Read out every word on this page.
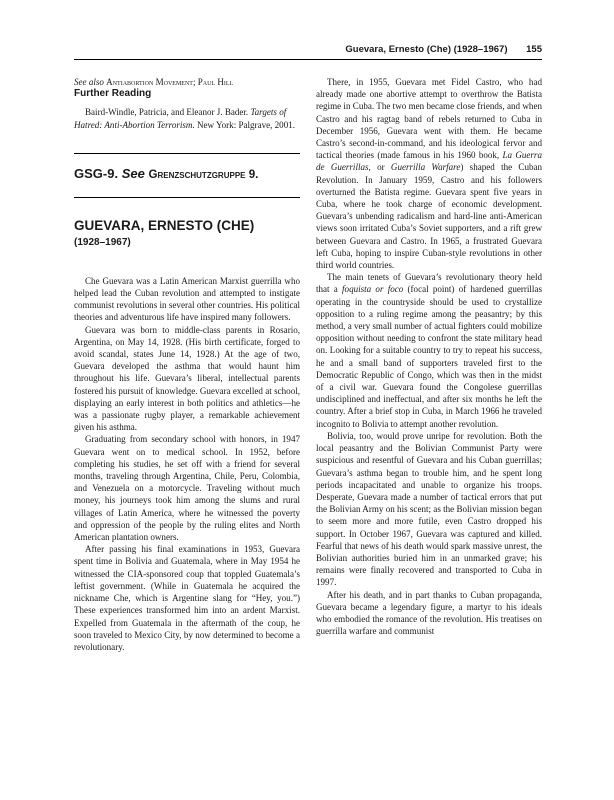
Guevara, Ernesto (Che) (1928–1967) 155

See also Antiabortion Movement; Paul Hill

Further Reading

Baird-Windle, Patricia, and Eleanor J. Bader. Targets of Hatred: Anti-Abortion Terrorism. New York: Palgrave, 2001.

GSG-9. See Grenzschutzgruppe 9.
GUEVARA, ERNESTO (CHE)
(1928–1967)

Che Guevara was a Latin American Marxist guerrilla who helped lead the Cuban revolution and attempted to instigate communist revolutions in several other countries. His political theories and adventurous life have inspired many followers.

Guevara was born to middle-class parents in Rosario, Argentina, on May 14, 1928. (His birth certificate, forged to avoid scandal, states June 14, 1928.) At the age of two, Guevara developed the asthma that would haunt him throughout his life. Guevara’s liberal, intellectual parents fostered his pursuit of knowledge. Guevara excelled at school, displaying an early interest in both politics and athletics—he was a passionate rugby player, a remarkable achievement given his asthma.

Graduating from secondary school with honors, in 1947 Guevara went on to medical school. In 1952, before completing his studies, he set off with a friend for several months, traveling through Argentina, Chile, Peru, Colombia, and Venezuela on a motorcycle. Traveling without much money, his journeys took him among the slums and rural villages of Latin America, where he witnessed the poverty and oppression of the people by the ruling elites and North American plantation owners.

After passing his final examinations in 1953, Guevara spent time in Bolivia and Guatemala, where in May 1954 he witnessed the CIA-sponsored coup that toppled Guatemala’s leftist government. (While in Guatemala he acquired the nickname Che, which is Argentine slang for “Hey, you.”) These experiences transformed him into an ardent Marxist. Expelled from Guatemala in the aftermath of the coup, he soon traveled to Mexico City, by now determined to become a revolutionary.

There, in 1955, Guevara met Fidel Castro, who had already made one abortive attempt to overthrow the Batista regime in Cuba. The two men became close friends, and when Castro and his ragtag band of rebels returned to Cuba in December 1956, Guevara went with them. He became Castro’s second-in-command, and his ideological fervor and tactical theories (made famous in his 1960 book, La Guerra de Guerrillas, or Guerrilla Warfare) shaped the Cuban Revolution. In January 1959, Castro and his followers overturned the Batista regime. Guevara spent five years in Cuba, where he took charge of economic development. Guevara’s unbending radicalism and hard-line anti-American views soon irritated Cuba’s Soviet supporters, and a rift grew between Guevara and Castro. In 1965, a frustrated Guevara left Cuba, hoping to inspire Cuban-style revolutions in other third world countries.

The main tenets of Guevara’s revolutionary theory held that a foquista or foco (focal point) of hardened guerrillas operating in the countryside should be used to crystallize opposition to a ruling regime among the peasantry; by this method, a very small number of actual fighters could mobilize opposition without needing to confront the state military head on. Looking for a suitable country to try to repeat his success, he and a small band of supporters traveled first to the Democratic Republic of Congo, which was then in the midst of a civil war. Guevara found the Congolese guerrillas undisciplined and ineffectual, and after six months he left the country. After a brief stop in Cuba, in March 1966 he traveled incognito to Bolivia to attempt another revolution.

Bolivia, too, would prove unripe for revolution. Both the local peasantry and the Bolivian Communist Party were suspicious and resentful of Guevara and his Cuban guerrillas; Guevara’s asthma began to trouble him, and he spent long periods incapacitated and unable to organize his troops. Desperate, Guevara made a number of tactical errors that put the Bolivian Army on his scent; as the Bolivian mission began to seem more and more futile, even Castro dropped his support. In October 1967, Guevara was captured and killed. Fearful that news of his death would spark massive unrest, the Bolivian authorities buried him in an unmarked grave; his remains were finally recovered and transported to Cuba in 1997.

After his death, and in part thanks to Cuban propaganda, Guevara became a legendary figure, a martyr to his ideals who embodied the romance of the revolution. His treatises on guerrilla warfare and communist
